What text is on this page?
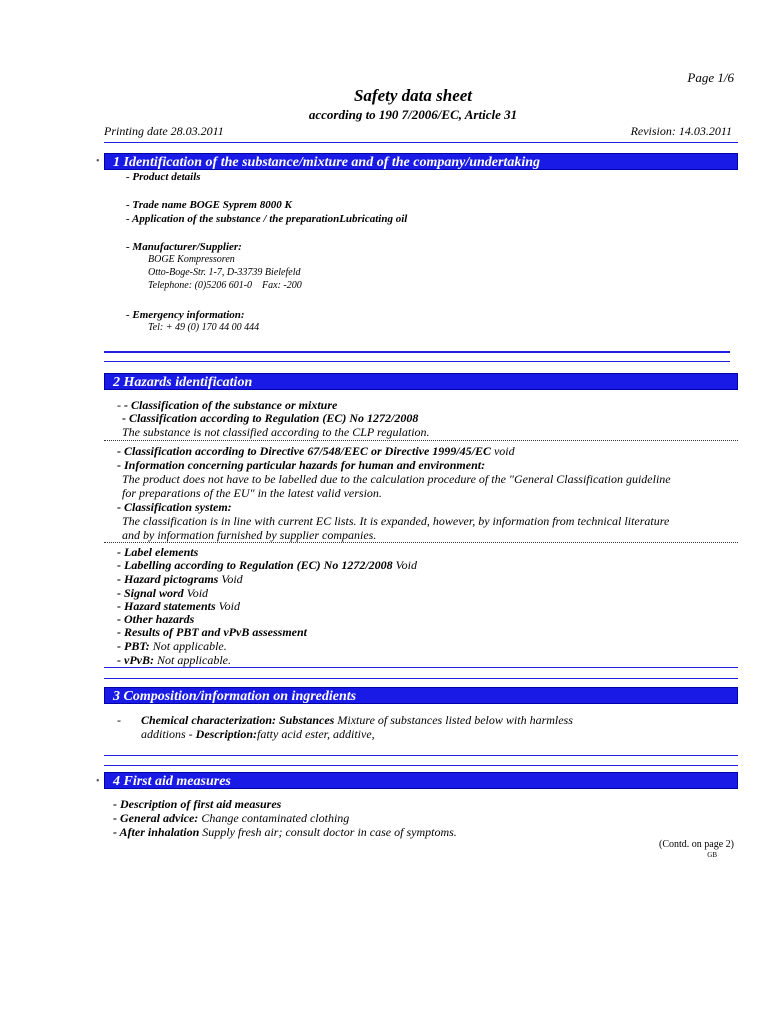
Page 1/6
Safety data sheet
according to 190 7/2006/EC, Article 31
Printing date 28.03.2011	Revision: 14.03.2011
• 1 Identification of the substance/mixture and of the company/undertaking
- Product details
- Trade name BOGE Syprem 8000 K
- Application of the substance / the preparationLubricating oil
- Manufacturer/Supplier:
BOGE Kompressoren
Otto-Boge-Str. 1-7, D-33739 Bielefeld
Telephone: (0)5206 601-0    Fax: -200
- Emergency information:
Tel: + 49 (0) 170 44 00 444
2 Hazards identification
- - Classification of the substance or mixture
- Classification according to Regulation (EC) No 1272/2008
The substance is not classified according to the CLP regulation.
- Classification according to Directive 67/548/EEC or Directive 1999/45/EC void
- Information concerning particular hazards for human and environment:
The product does not have to be labelled due to the calculation procedure of the "General Classification guideline
for preparations of the EU" in the latest valid version.
- Classification system:
The classification is in line with current EC lists. It is expanded, however, by information from technical literature
and by information furnished by supplier companies.
- Label elements
- Labelling according to Regulation (EC) No 1272/2008 Void
- Hazard pictograms Void
- Signal word Void
- Hazard statements Void
- Other hazards
- Results of PBT and vPvB assessment
- PBT: Not applicable.
- vPvB: Not applicable.
3 Composition/information on ingredients
- Chemical characterization: Substances Mixture of substances listed below with harmless
additions - Description:fatty acid ester, additive,
• 4 First aid measures
- Description of first aid measures
- General advice: Change contaminated clothing
- After inhalation Supply fresh air; consult doctor in case of symptoms.
(Contd. on page 2)
GB
